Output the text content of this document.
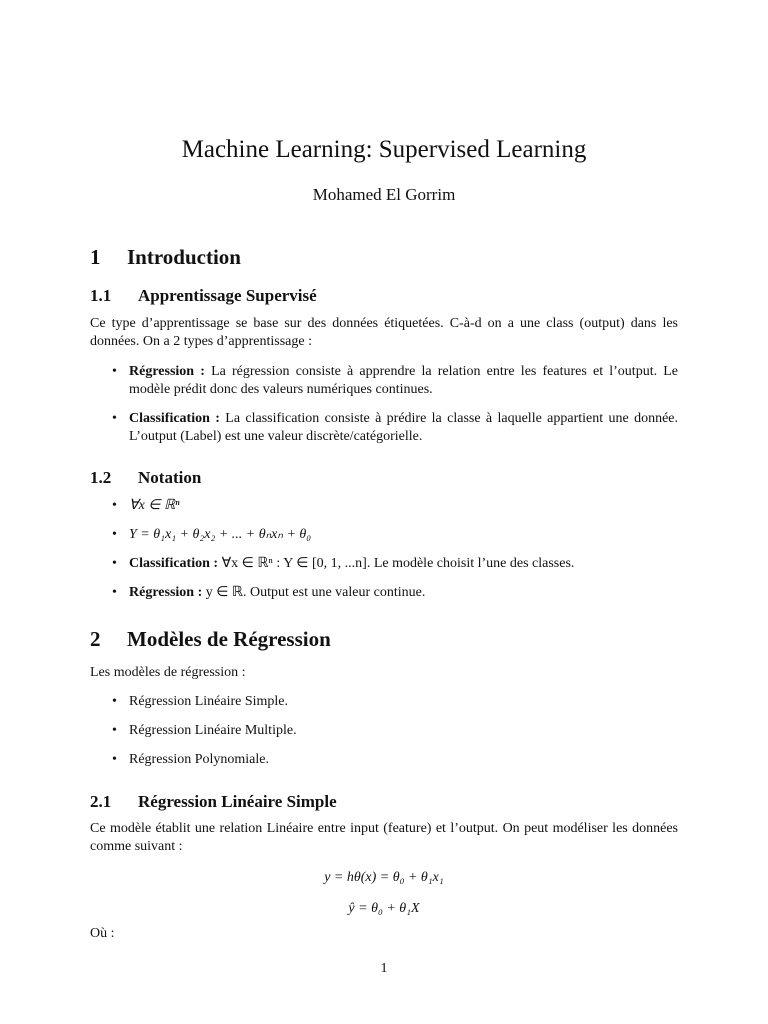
Machine Learning: Supervised Learning
Mohamed El Gorrim
1 Introduction
1.1 Apprentissage Supervisé
Ce type d’apprentissage se base sur des données étiquetées. C-à-d on a une class (output) dans les données. On a 2 types d’apprentissage :
• Régression : La régression consiste à apprendre la relation entre les features et l’output. Le modèle prédit donc des valeurs numériques continues.
• Classification : La classification consiste à prédire la classe à laquelle appartient une donnée. L’output (Label) est une valeur discrète/catégorielle.
1.2 Notation
• ∀x ∈ ℝⁿ
• Y = θ₁x₁ + θ₂x₂ + ... + θₙxₙ + θ₀
• Classification : ∀x ∈ ℝⁿ : Y ∈ [0, 1, ...n]. Le modèle choisit l’une des classes.
• Régression : y ∈ ℝ. Output est une valeur continue.
2 Modèles de Régression
Les modèles de régression :
• Régression Linéaire Simple.
• Régression Linéaire Multiple.
• Régression Polynomiale.
2.1 Régression Linéaire Simple
Ce modèle établit une relation Linéaire entre input (feature) et l’output. On peut modéliser les données comme suivant :
y = hθ(x) = θ₀ + θ₁x₁
ŷ = θ₀ + θ₁X
Où :
1
